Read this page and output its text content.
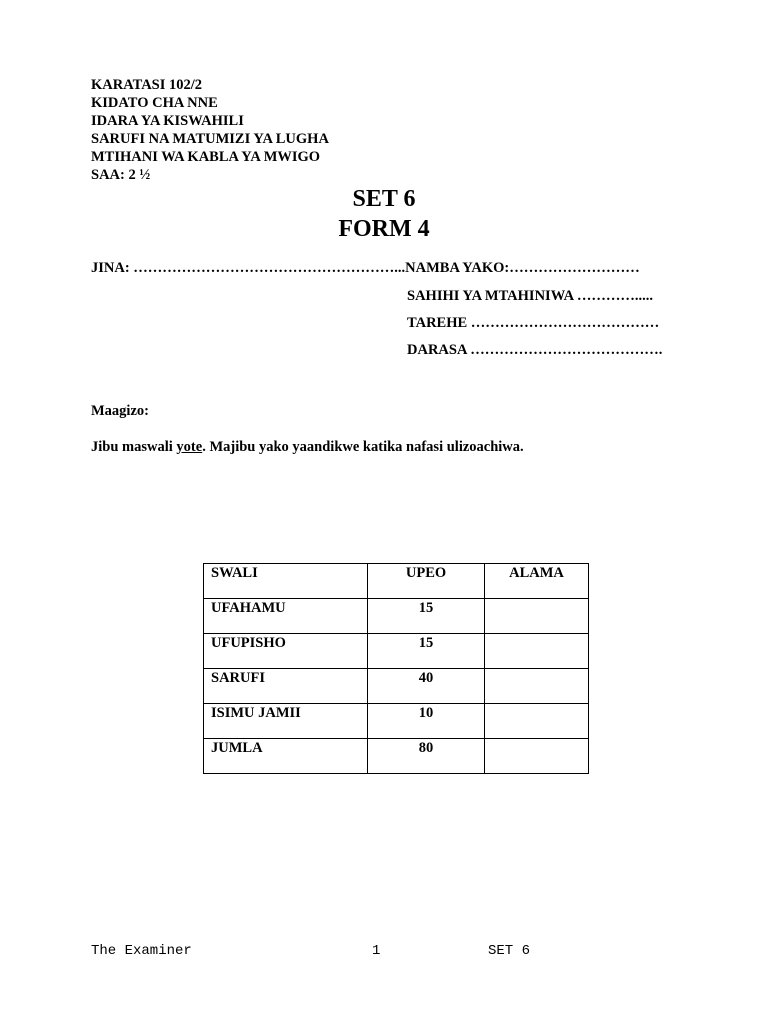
KARATASI 102/2
KIDATO CHA NNE
IDARA YA KISWAHILI
SARUFI NA MATUMIZI YA LUGHA
MTIHANI WA KABLA YA MWIGO
SAA: 2 ½
SET 6
FORM 4
JINA: ………………………………………………...NAMBA YAKO:………………………
SAHIHI YA MTAHINIWA ………….....
TAREHE …………………………………
DARASA ………………………………….
Maagizo:
Jibu maswali yote. Majibu yako yaandikwe katika nafasi ulizoachiwa.
SWALI	UPEO	ALAMA
UFAHAMU	15	
UFUPISHO	15	
SARUFI	40	
ISIMU JAMII	10	
JUMLA	80	
The Examiner	1	SET 6
